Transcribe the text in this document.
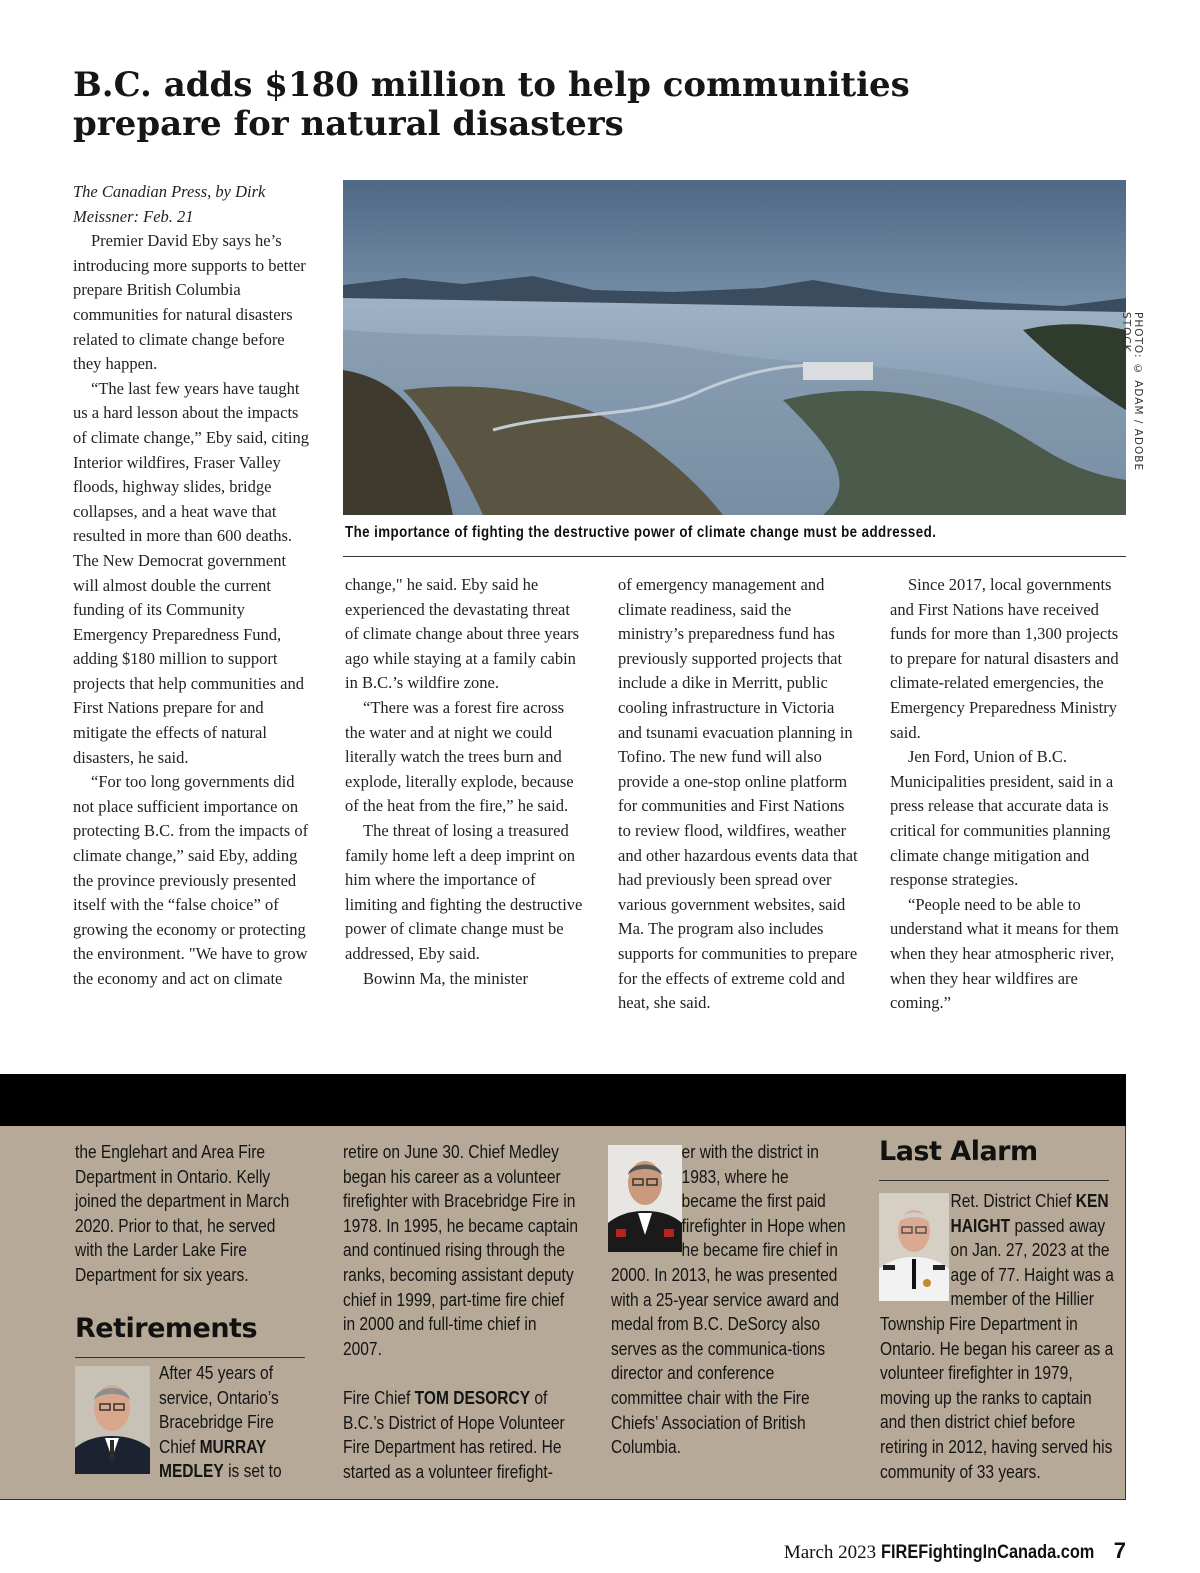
B.C. adds $180 million to help communities prepare for natural disasters

The Canadian Press, by Dirk Meissner: Feb. 21

Premier David Eby says he’s introducing more supports to better prepare British Columbia communities for natural disasters related to climate change before they happen.

“The last few years have taught us a hard lesson about the impacts of climate change,” Eby said, citing Interior wildfires, Fraser Valley floods, highway slides, bridge collapses, and a heat wave that resulted in more than 600 deaths. The New Democrat government will almost double the current funding of its Community Emergency Preparedness Fund, adding $180 million to support projects that help communities and First Nations prepare for and mitigate the effects of natural disasters, he said.

“For too long governments did not place sufficient importance on protecting B.C. from the impacts of climate change,” said Eby, adding the province previously presented itself with the “false choice” of growing the economy or protecting the environment. "We have to grow the economy and act on climate

PHOTO: © ADAM / ADOBE STOCK

The importance of fighting the destructive power of climate change must be addressed.

change," he said. Eby said he experienced the devastating threat of climate change about three years ago while staying at a family cabin in B.C.’s wildfire zone.

“There was a forest fire across the water and at night we could literally watch the trees burn and explode, literally explode, because of the heat from the fire,” he said.

The threat of losing a treasured family home left a deep imprint on him where the importance of limiting and fighting the destructive power of climate change must be addressed, Eby said.

Bowinn Ma, the minister

of emergency management and climate readiness, said the ministry’s preparedness fund has previously supported projects that include a dike in Merritt, public cooling infrastructure in Victoria and tsunami evacuation planning in Tofino. The new fund will also provide a one-stop online platform for communities and First Nations to review flood, wildfires, weather and other hazardous events data that had previously been spread over various government websites, said Ma. The program also includes supports for communities to prepare for the effects of extreme cold and heat, she said.

Since 2017, local governments and First Nations have received funds for more than 1,300 projects to prepare for natural disasters and climate-related emergencies, the Emergency Preparedness Ministry said.

Jen Ford, Union of B.C. Municipalities president, said in a press release that accurate data is critical for communities planning climate change mitigation and response strategies.

“People need to be able to understand what it means for them when they hear atmospheric river, when they hear wildfires are coming.”

the Englehart and Area Fire Department in Ontario. Kelly joined the department in March 2020. Prior to that, he served with the Larder Lake Fire Department for six years.

Retirements

After 45 years of service, Ontario’s Bracebridge Fire Chief MURRAY MEDLEY is set to

retire on June 30. Chief Medley began his career as a volunteer firefighter with Bracebridge Fire in 1978. In 1995, he became captain and continued rising through the ranks, becoming assistant deputy chief in 1999, part-time fire chief in 2000 and full-time chief in 2007.

Fire Chief TOM DESORCY of B.C.’s District of Hope Volunteer Fire Department has retired. He started as a volunteer firefight-

er with the district in 1983, where he became the first paid firefighter in Hope when he became fire chief in 2000. In 2013, he was presented with a 25-year service award and medal from B.C. DeSorcy also serves as the communica-tions director and conference committee chair with the Fire Chiefs’ Association of British Columbia.

Last Alarm

Ret. District Chief KEN HAIGHT passed away on Jan. 27, 2023 at the age of 77. Haight was a member of the Hillier Township Fire Department in Ontario. He began his career as a volunteer firefighter in 1979, moving up the ranks to captain and then district chief before retiring in 2012, having served his community of 33 years.

March 2023 FIREFightingInCanada.com 7
